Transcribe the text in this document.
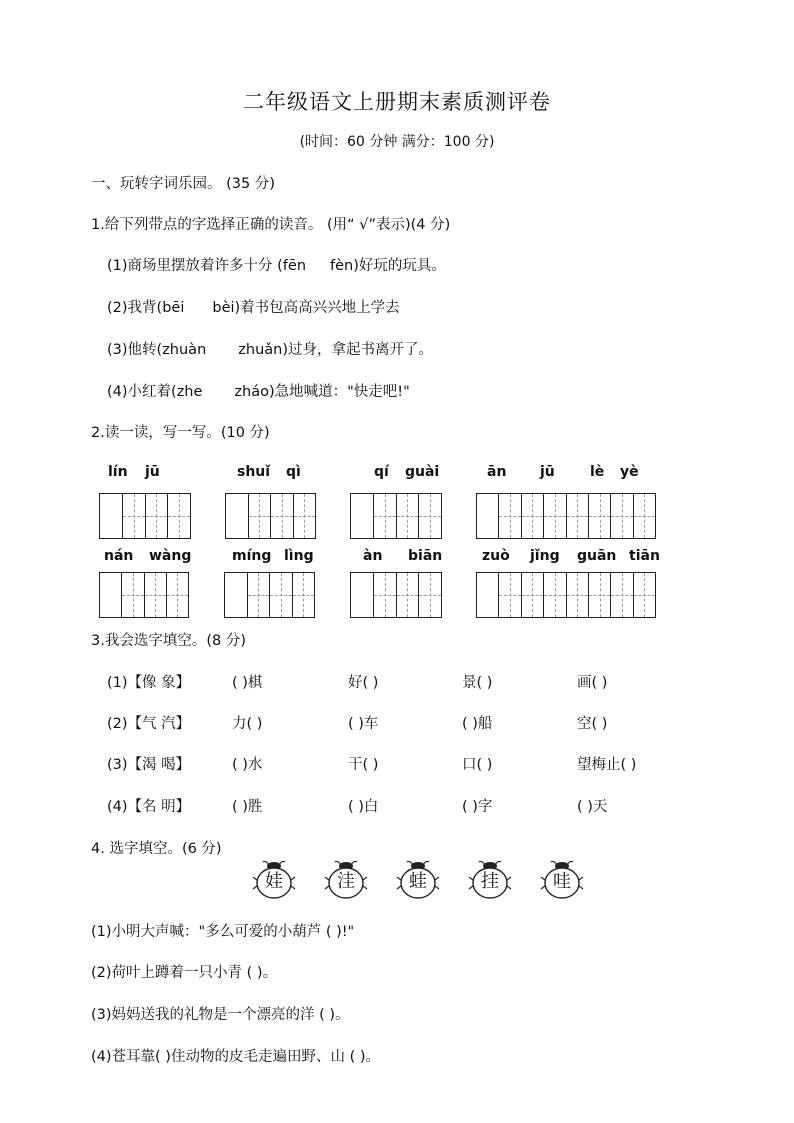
二年级语文上册期末素质测评卷
(时间：60 分钟 满分：100 分)
一、玩转字词乐园。 (35 分)
1.给下列带点的字选择正确的读音。 (用“ √”表示)(4 分)
(1)商场里摆放着许多十分 (fēn fèn)好玩的玩具。
(2)我背(bēi bèi)着书包高高兴兴地上学去
(3)他转(zhuàn zhuǎn)过身，拿起书离开了。
(4)小红着(zhe zháo)急地喊道："快走吧!"
2.读一读，写一写。(10 分)
lín jū	shuǐ qì	qí guài	ān jū	lè yè
nán wàng	míng lìng	àn biān	zuò jǐng guān tiān
3.我会选字填空。(8 分)
(1)【像 象】	( )棋	好( )	景( )	画( )
(2)【气 汽】	力( )	( )车	( )船	空( )
(3)【渴 喝】	( )水	干( )	口( )	望梅止( )
(4)【名 明】	( )胜	( )白	( )字	( )天
4. 选字填空。(6 分)
娃	洼	蛙	挂	哇
(1)小明大声喊："多么可爱的小葫芦 ( )!"
(2)荷叶上蹲着一只小青 ( )。
(3)妈妈送我的礼物是一个漂亮的洋 ( )。
(4)苍耳靠( )住动物的皮毛走遍田野、山 ( )。
